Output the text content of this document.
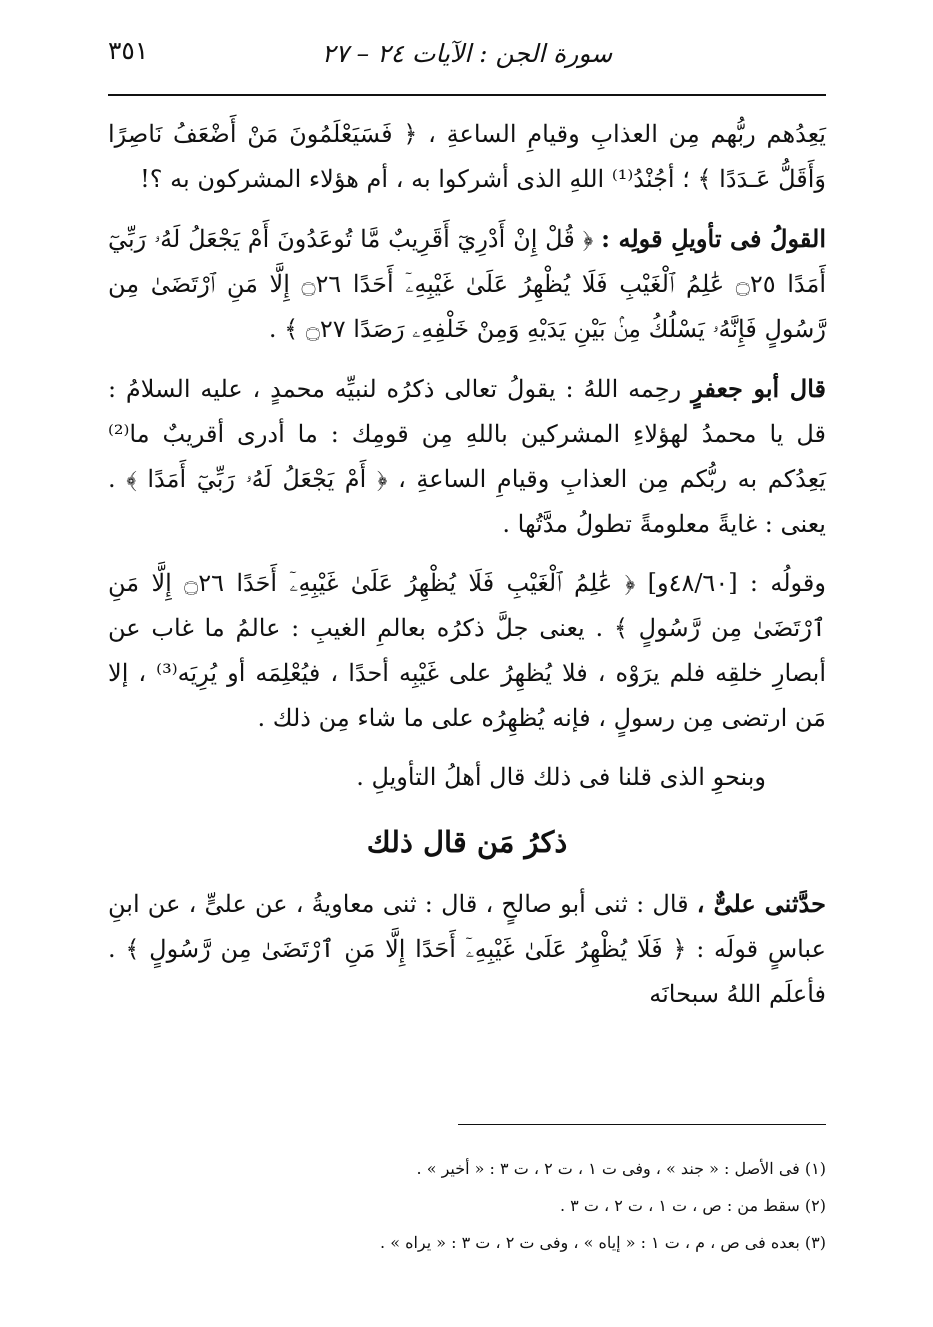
سورة الجن : الآيات ٢٤ – ٢٧
٣٥١

يَعِدُهم ربُّهم مِن العذابِ وقيامِ الساعةِ ، ﴿ فَسَيَعْلَمُونَ مَنْ أَضْعَفُ نَاصِرًا وَأَقَلُّ عَـدَدًا ﴾ ؛ أجُنْدُ⁽¹⁾ اللهِ الذى أشركوا به ، أم هؤلاء المشركون به ؟!

القولُ فى تأويلِ قولِه : ﴿ قُلْ إِنْ أَدْرِيٓ أَقَرِيبٌ مَّا تُوعَدُونَ أَمْ يَجْعَلُ لَهُۥ رَبِّيٓ أَمَدًا ۝٢٥ عَٰلِمُ ٱلْغَيْبِ فَلَا يُظْهِرُ عَلَىٰ غَيْبِهِۦٓ أَحَدًا ۝٢٦ إِلَّا مَنِ ٱرْتَضَىٰ مِن رَّسُولٍ فَإِنَّهُۥ يَسْلُكُ مِنۢ بَيْنِ يَدَيْهِ وَمِنْ خَلْفِهِۦ رَصَدًا ۝٢٧ ﴾ .

قال أبو جعفرٍ رحِمه اللهُ : يقولُ تعالى ذكرُه لنبيِّه محمدٍ ، عليه السلامُ : قل يا محمدُ لهؤلاءِ المشركين باللهِ مِن قومِك : ما أدرى أقريبٌ ما⁽²⁾ يَعِدُكم به ربُّكم مِن العذابِ وقيامِ الساعةِ ، ﴿ أَمْ يَجْعَلُ لَهُۥ رَبِّيٓ أَمَدًا ﴾ . يعنى : غايةً معلومةً تطولُ مدَّتُها .

وقولُه : [٤٨/٦٠و] ﴿ عَٰلِمُ ٱلْغَيْبِ فَلَا يُظْهِرُ عَلَىٰ غَيْبِهِۦٓ أَحَدًا ۝٢٦ إِلَّا مَنِ ٱرْتَضَىٰ مِن رَّسُولٍ ﴾ . يعنى جلَّ ذكرُه بعالمِ الغيبِ : عالمُ ما غاب عن أبصارِ خلقِه فلم يرَوْه ، فلا يُظهِرُ على غَيْبِه أحدًا ، فيُعْلِمَه أو يُرِيَه⁽³⁾ ، إلا مَن ارتضى مِن رسولٍ ، فإنه يُظهِرُه على ما شاء مِن ذلك .

وبنحوِ الذى قلنا فى ذلك قال أهلُ التأويلِ .

ذكرُ مَن قال ذلك

حدَّثنى علىٌّ ، قال : ثنى أبو صالحٍ ، قال : ثنى معاويةُ ، عن علىٍّ ، عن ابنِ عباسٍ قولَه : ﴿ فَلَا يُظْهِرُ عَلَىٰ غَيْبِهِۦٓ أَحَدًا إِلَّا مَنِ ٱرْتَضَىٰ مِن رَّسُولٍ ﴾ . فأعلَم اللهُ سبحانَه

(١) فى الأصل : « جند » ، وفى ت ١ ، ت ٢ ، ت ٣ : « أخير » .
(٢) سقط من : ص ، ت ١ ، ت ٢ ، ت ٣ .
(٣) بعده فى ص ، م ، ت ١ : « إياه » ، وفى ت ٢ ، ت ٣ : « يراه » .
